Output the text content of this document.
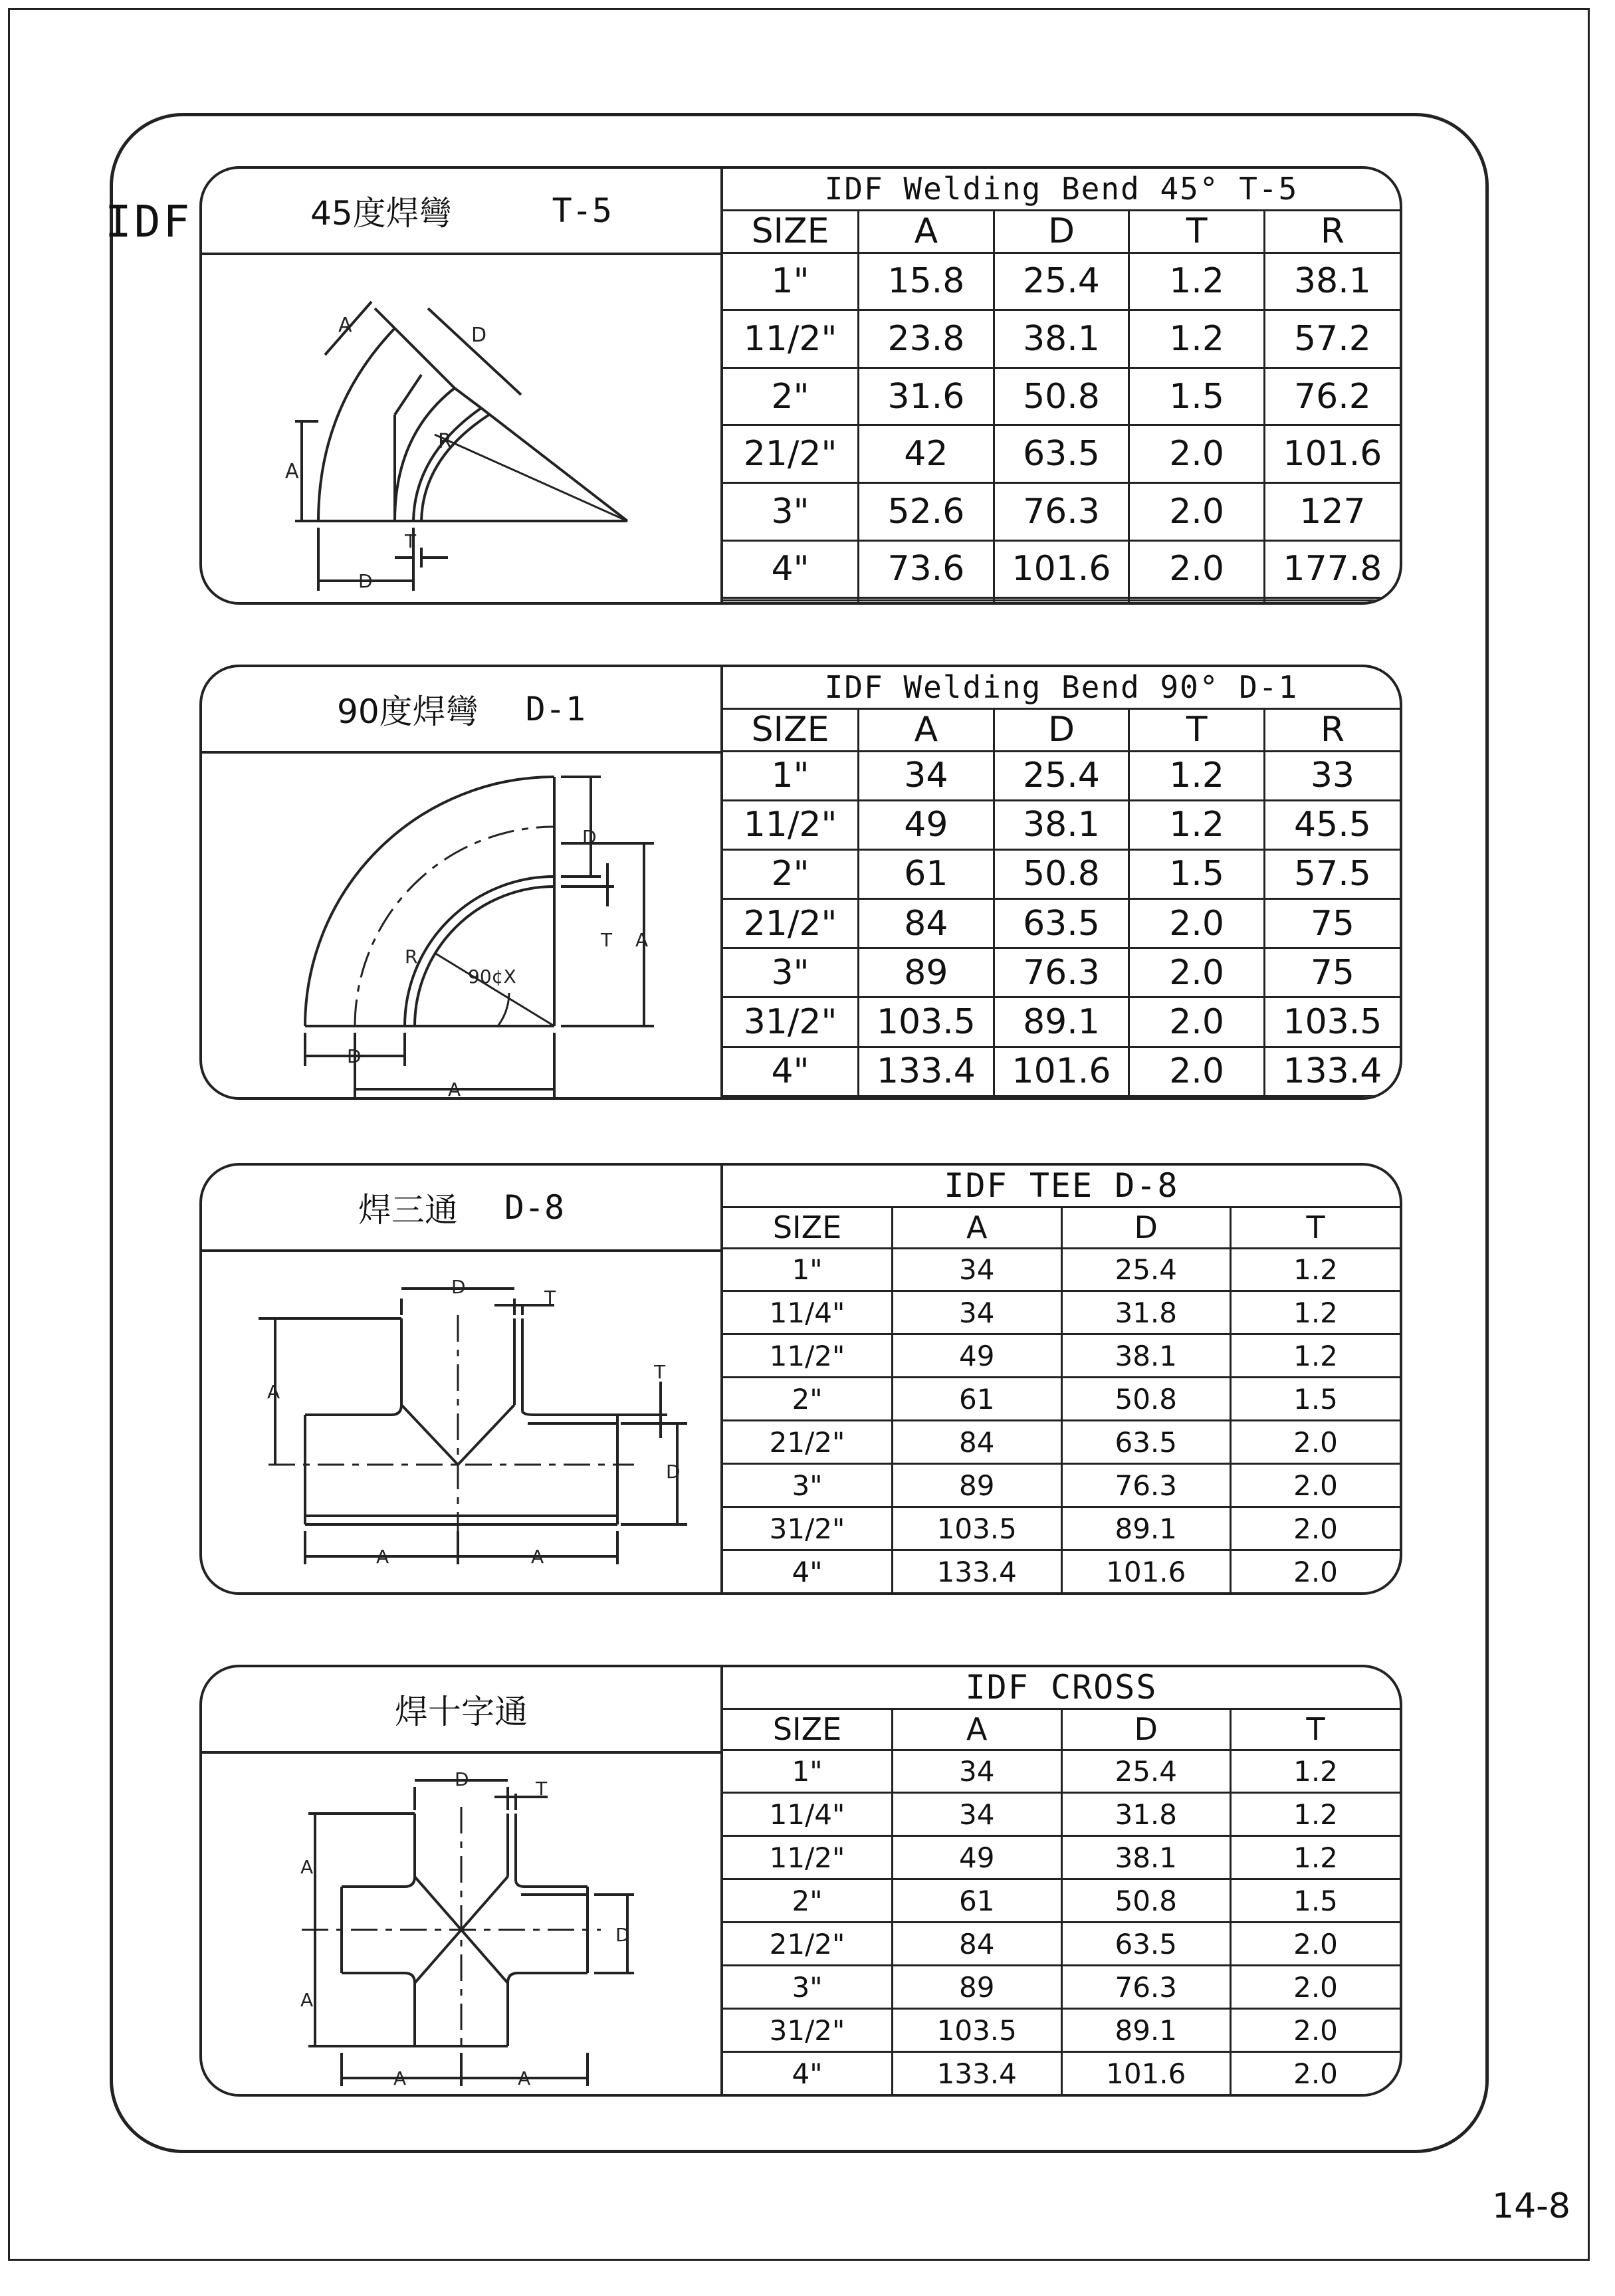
IDF	45度焊彎	T-5
A
A
D
R
T
D
IDF Welding Bend 45° T-5				
SIZE	A	D	T	R
1"	15.8	25.4	1.2	38.1
11/2"	23.8	38.1	1.2	57.2
2"	31.6	50.8	1.5	76.2
21/2"	42	63.5	2.0	101.6
3"	52.6	76.3	2.0	127
4"	73.6	101.6	2.0	177.8

90度焊彎 D-1
D
T A
R
90¢X
D
A
IDF Welding Bend 90° D-1				
SIZE	A	D	T	R
1"	34	25.4	1.2	33
11/2"	49	38.1	1.2	45.5
2"	61	50.8	1.5	57.5
21/2"	84	63.5	2.0	75
3"	89	76.3	2.0	75
31/2"	103.5	89.1	2.0	103.5
4"	133.4	101.6	2.0	133.4

焊三通 D-8
D	T
A
T
D
A	A
IDF TEE D-8			
SIZE	A	D	T
1"	34	25.4	1.2
11/4"	34	31.8	1.2
11/2"	49	38.1	1.2
2"	61	50.8	1.5
21/2"	84	63.5	2.0
3"	89	76.3	2.0
31/2"	103.5	89.1	2.0
4"	133.4	101.6	2.0
焊十字通
D	T
A
A
D
A	A
IDF CROSS			
SIZE	A	D	T
1"	34	25.4	1.2
11/4"	34	31.8	1.2
11/2"	49	38.1	1.2
2"	61	50.8	1.5
21/2"	84	63.5	2.0
3"	89	76.3	2.0
31/2"	103.5	89.1	2.0
4"	133.4	101.6	2.0
14-8
